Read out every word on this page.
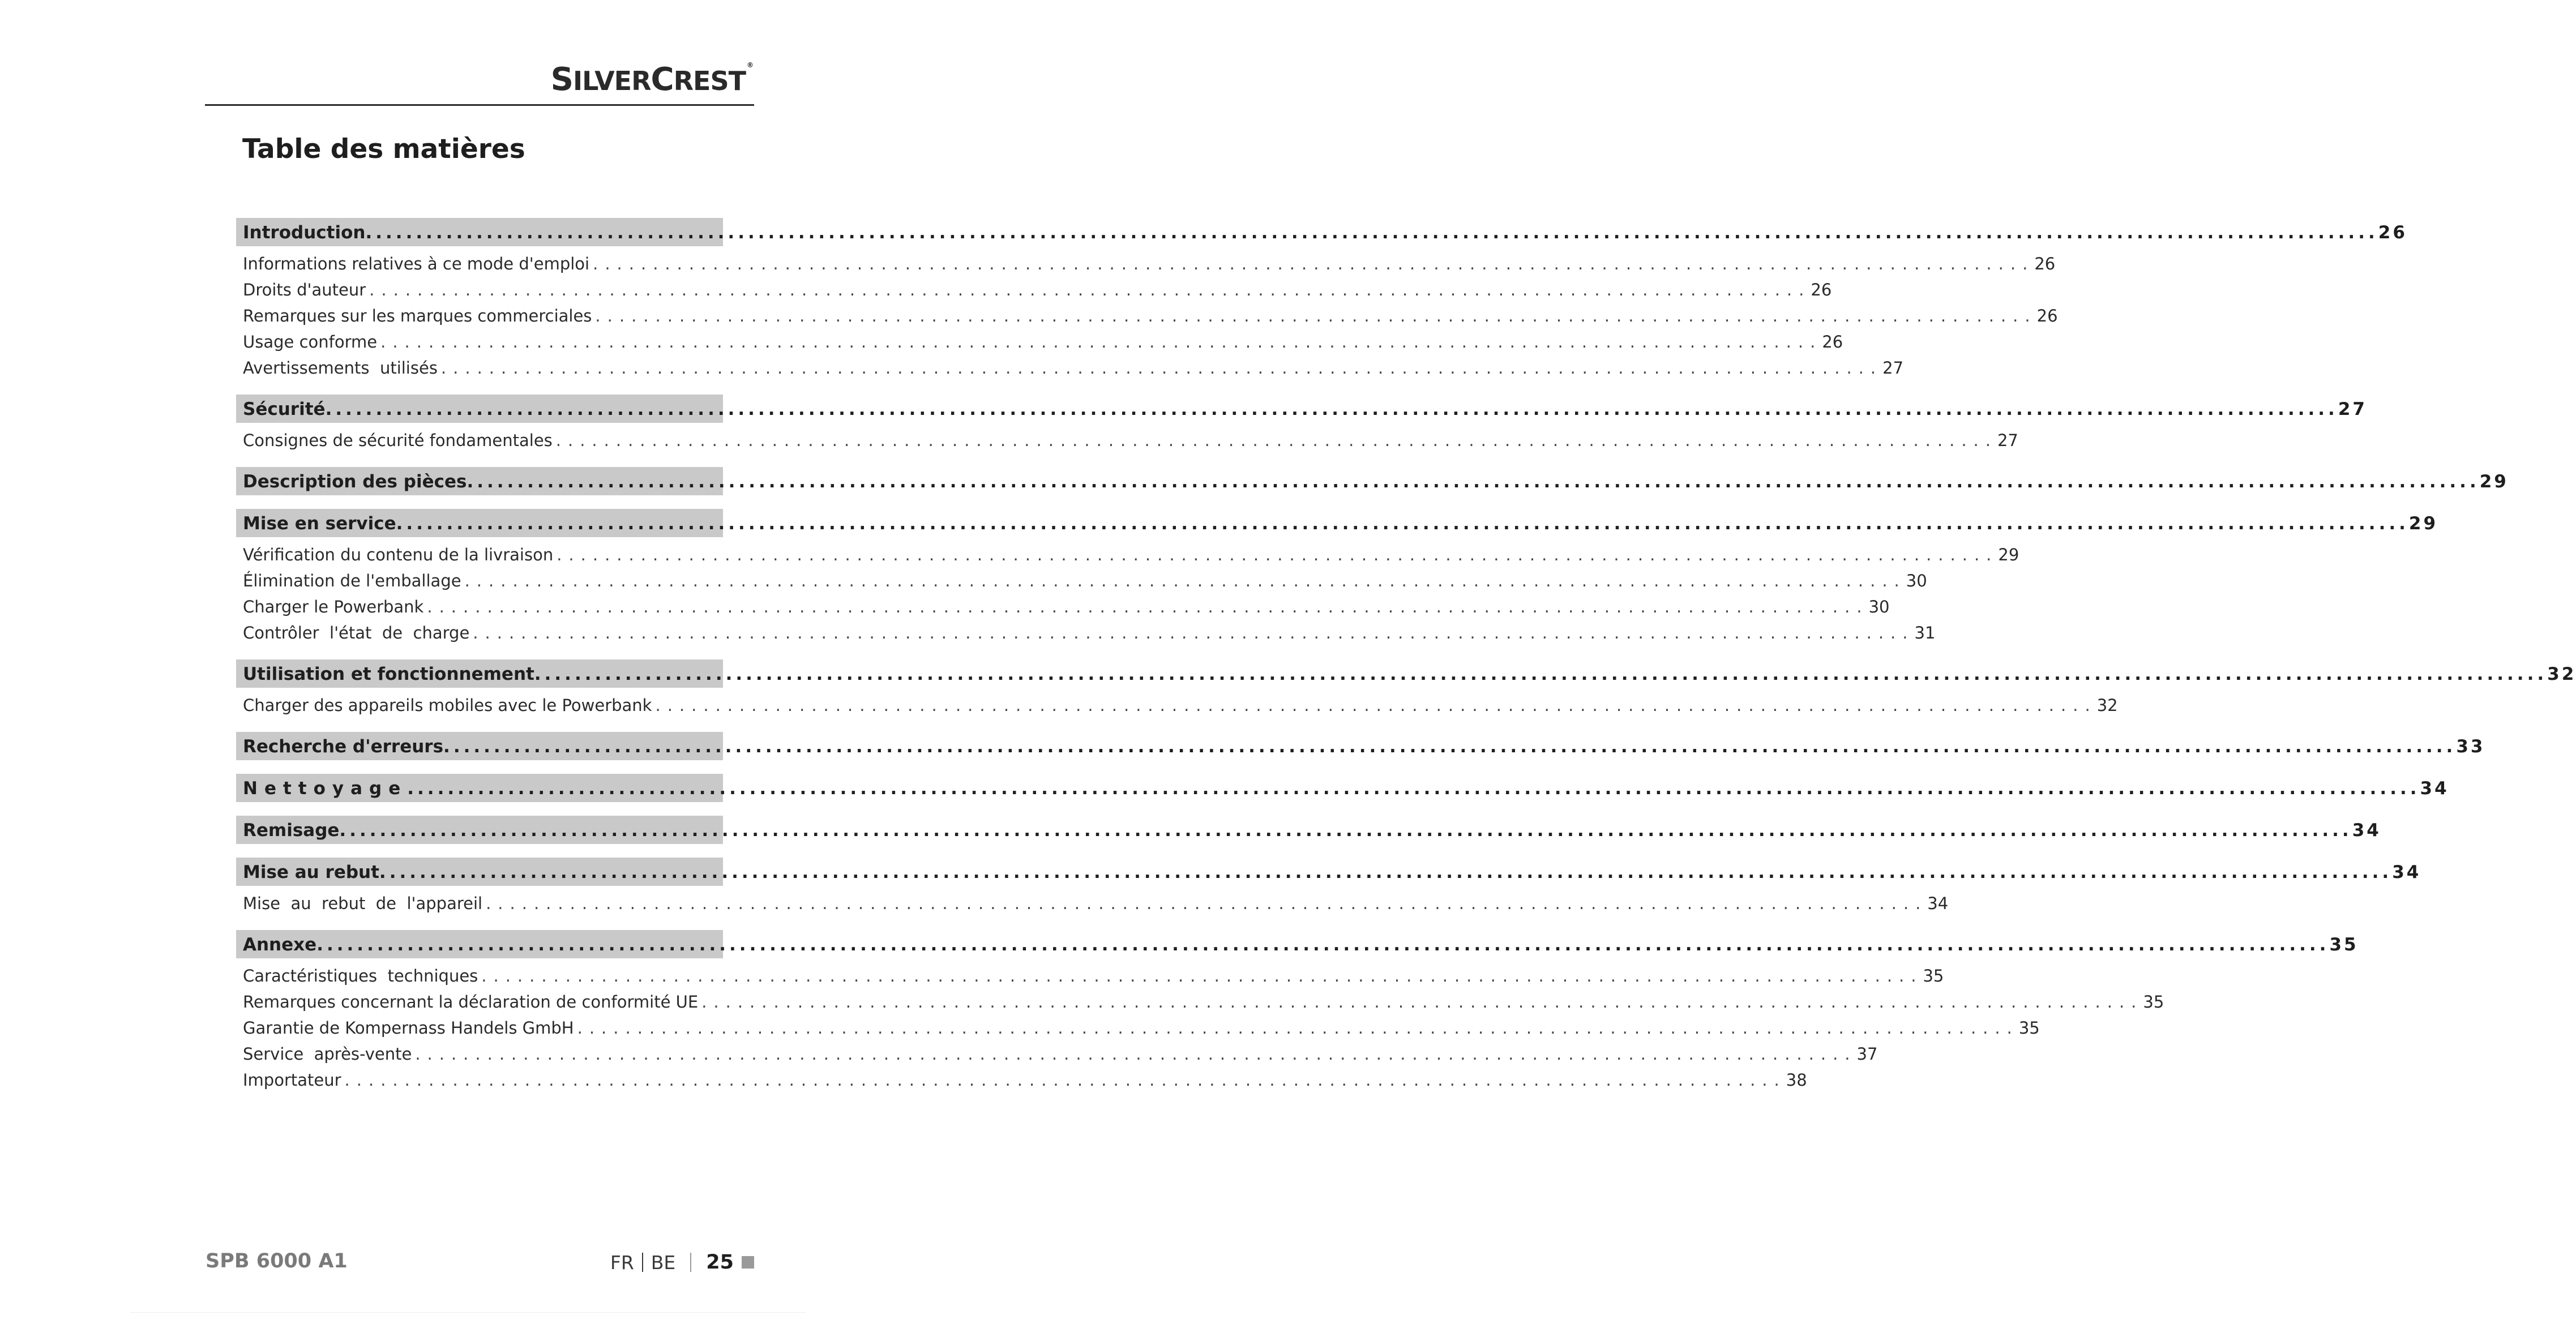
SILVERCREST®
Table des matières
........................................................................................................................................................................................................ 26
Introduction
Informations relatives à ce mode d'emploi ........................................................................................................................ 26
Droits d'auteur ........................................................................................................................ 26
Remarques sur les marques commerciales ........................................................................................................................ 26
Usage conforme ........................................................................................................................ 26
Avertissements  utilisés ........................................................................................................................ 27
........................................................................................................................................................................................................ 27
Sécurité
Consignes de sécurité fondamentales ........................................................................................................................ 27
........................................................................................................................................................................................................ 29
Description des pièces
........................................................................................................................................................................................................ 29
Mise en service
Vérification du contenu de la livraison ........................................................................................................................ 29
Élimination de l'emballage ........................................................................................................................ 30
Charger le Powerbank ........................................................................................................................ 30
Contrôler  l'état  de  charge ........................................................................................................................ 31
........................................................................................................................................................................................................ 32
Utilisation et fonctionnement
Charger des appareils mobiles avec le Powerbank ........................................................................................................................ 32
........................................................................................................................................................................................................ 33
Recherche d'erreurs
........................................................................................................................................................................................................ 34
Nettoyage
........................................................................................................................................................................................................ 34
Remisage
........................................................................................................................................................................................................ 34
Mise au rebut
Mise  au  rebut  de  l'appareil ........................................................................................................................ 34
........................................................................................................................................................................................................ 35
Annexe
Caractéristiques  techniques ........................................................................................................................ 35
Remarques concernant la déclaration de conformité UE ........................................................................................................................ 35
Garantie de Kompernass Handels GmbH ........................................................................................................................ 35
Service  après-vente ........................................................................................................................ 37
Importateur ........................................................................................................................ 38
SPB 6000 A1	FR BE 25
